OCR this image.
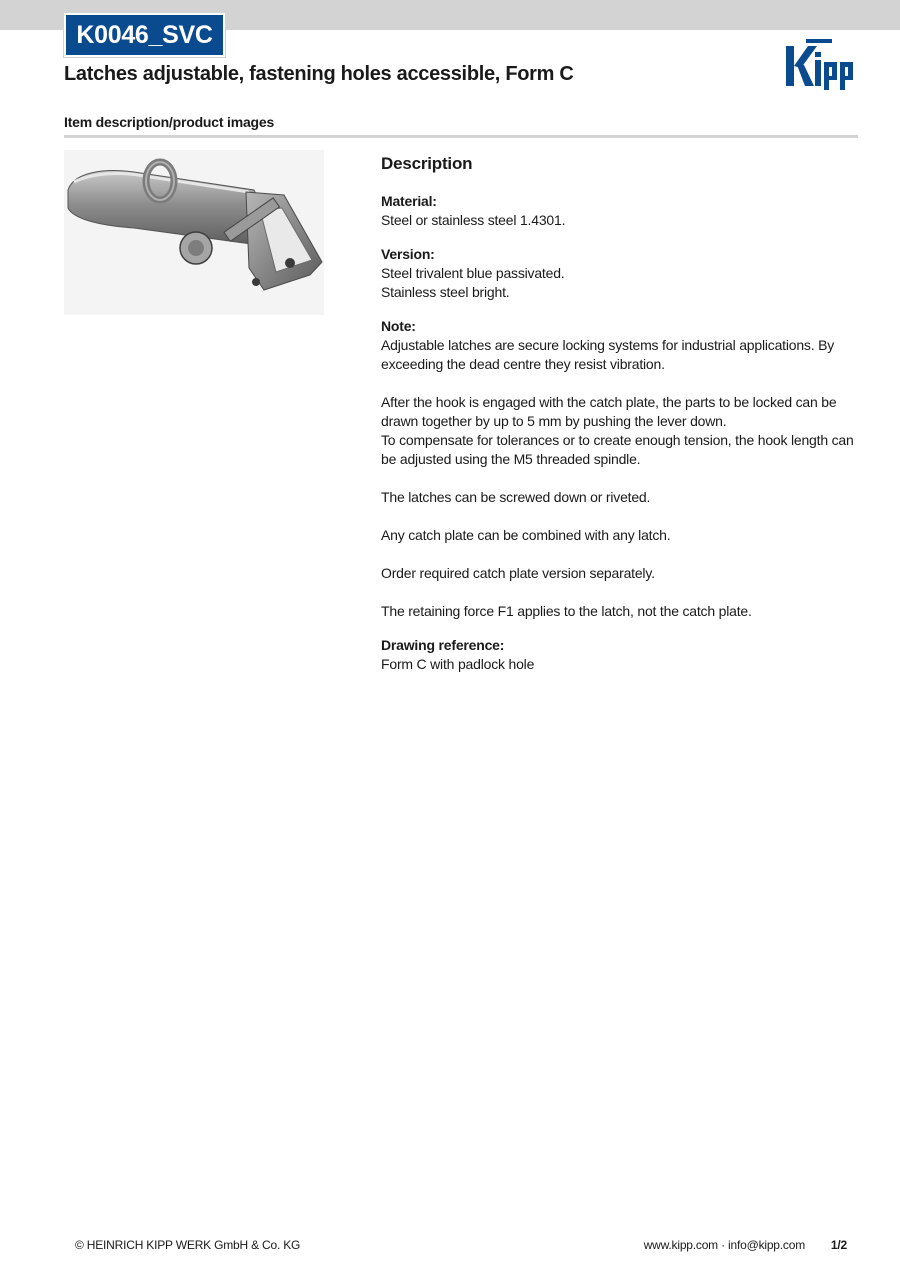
K0046_SVC
Latches adjustable, fastening holes accessible, Form C
Item description/product images
Description
Material:
Steel or stainless steel 1.4301.
Version:
Steel trivalent blue passivated.
Stainless steel bright.
Note:
Adjustable latches are secure locking systems for industrial applications. By exceeding the dead centre they resist vibration.
After the hook is engaged with the catch plate, the parts to be locked can be drawn together by up to 5 mm by pushing the lever down.
To compensate for tolerances or to create enough tension, the hook length can be adjusted using the M5 threaded spindle.
The latches can be screwed down or riveted.
Any catch plate can be combined with any latch.
Order required catch plate version separately.
The retaining force F1 applies to the latch, not the catch plate.
Drawing reference:
Form C with padlock hole
© HEINRICH KIPP WERK GmbH & Co. KG	www.kipp.com · info@kipp.com 1/2
